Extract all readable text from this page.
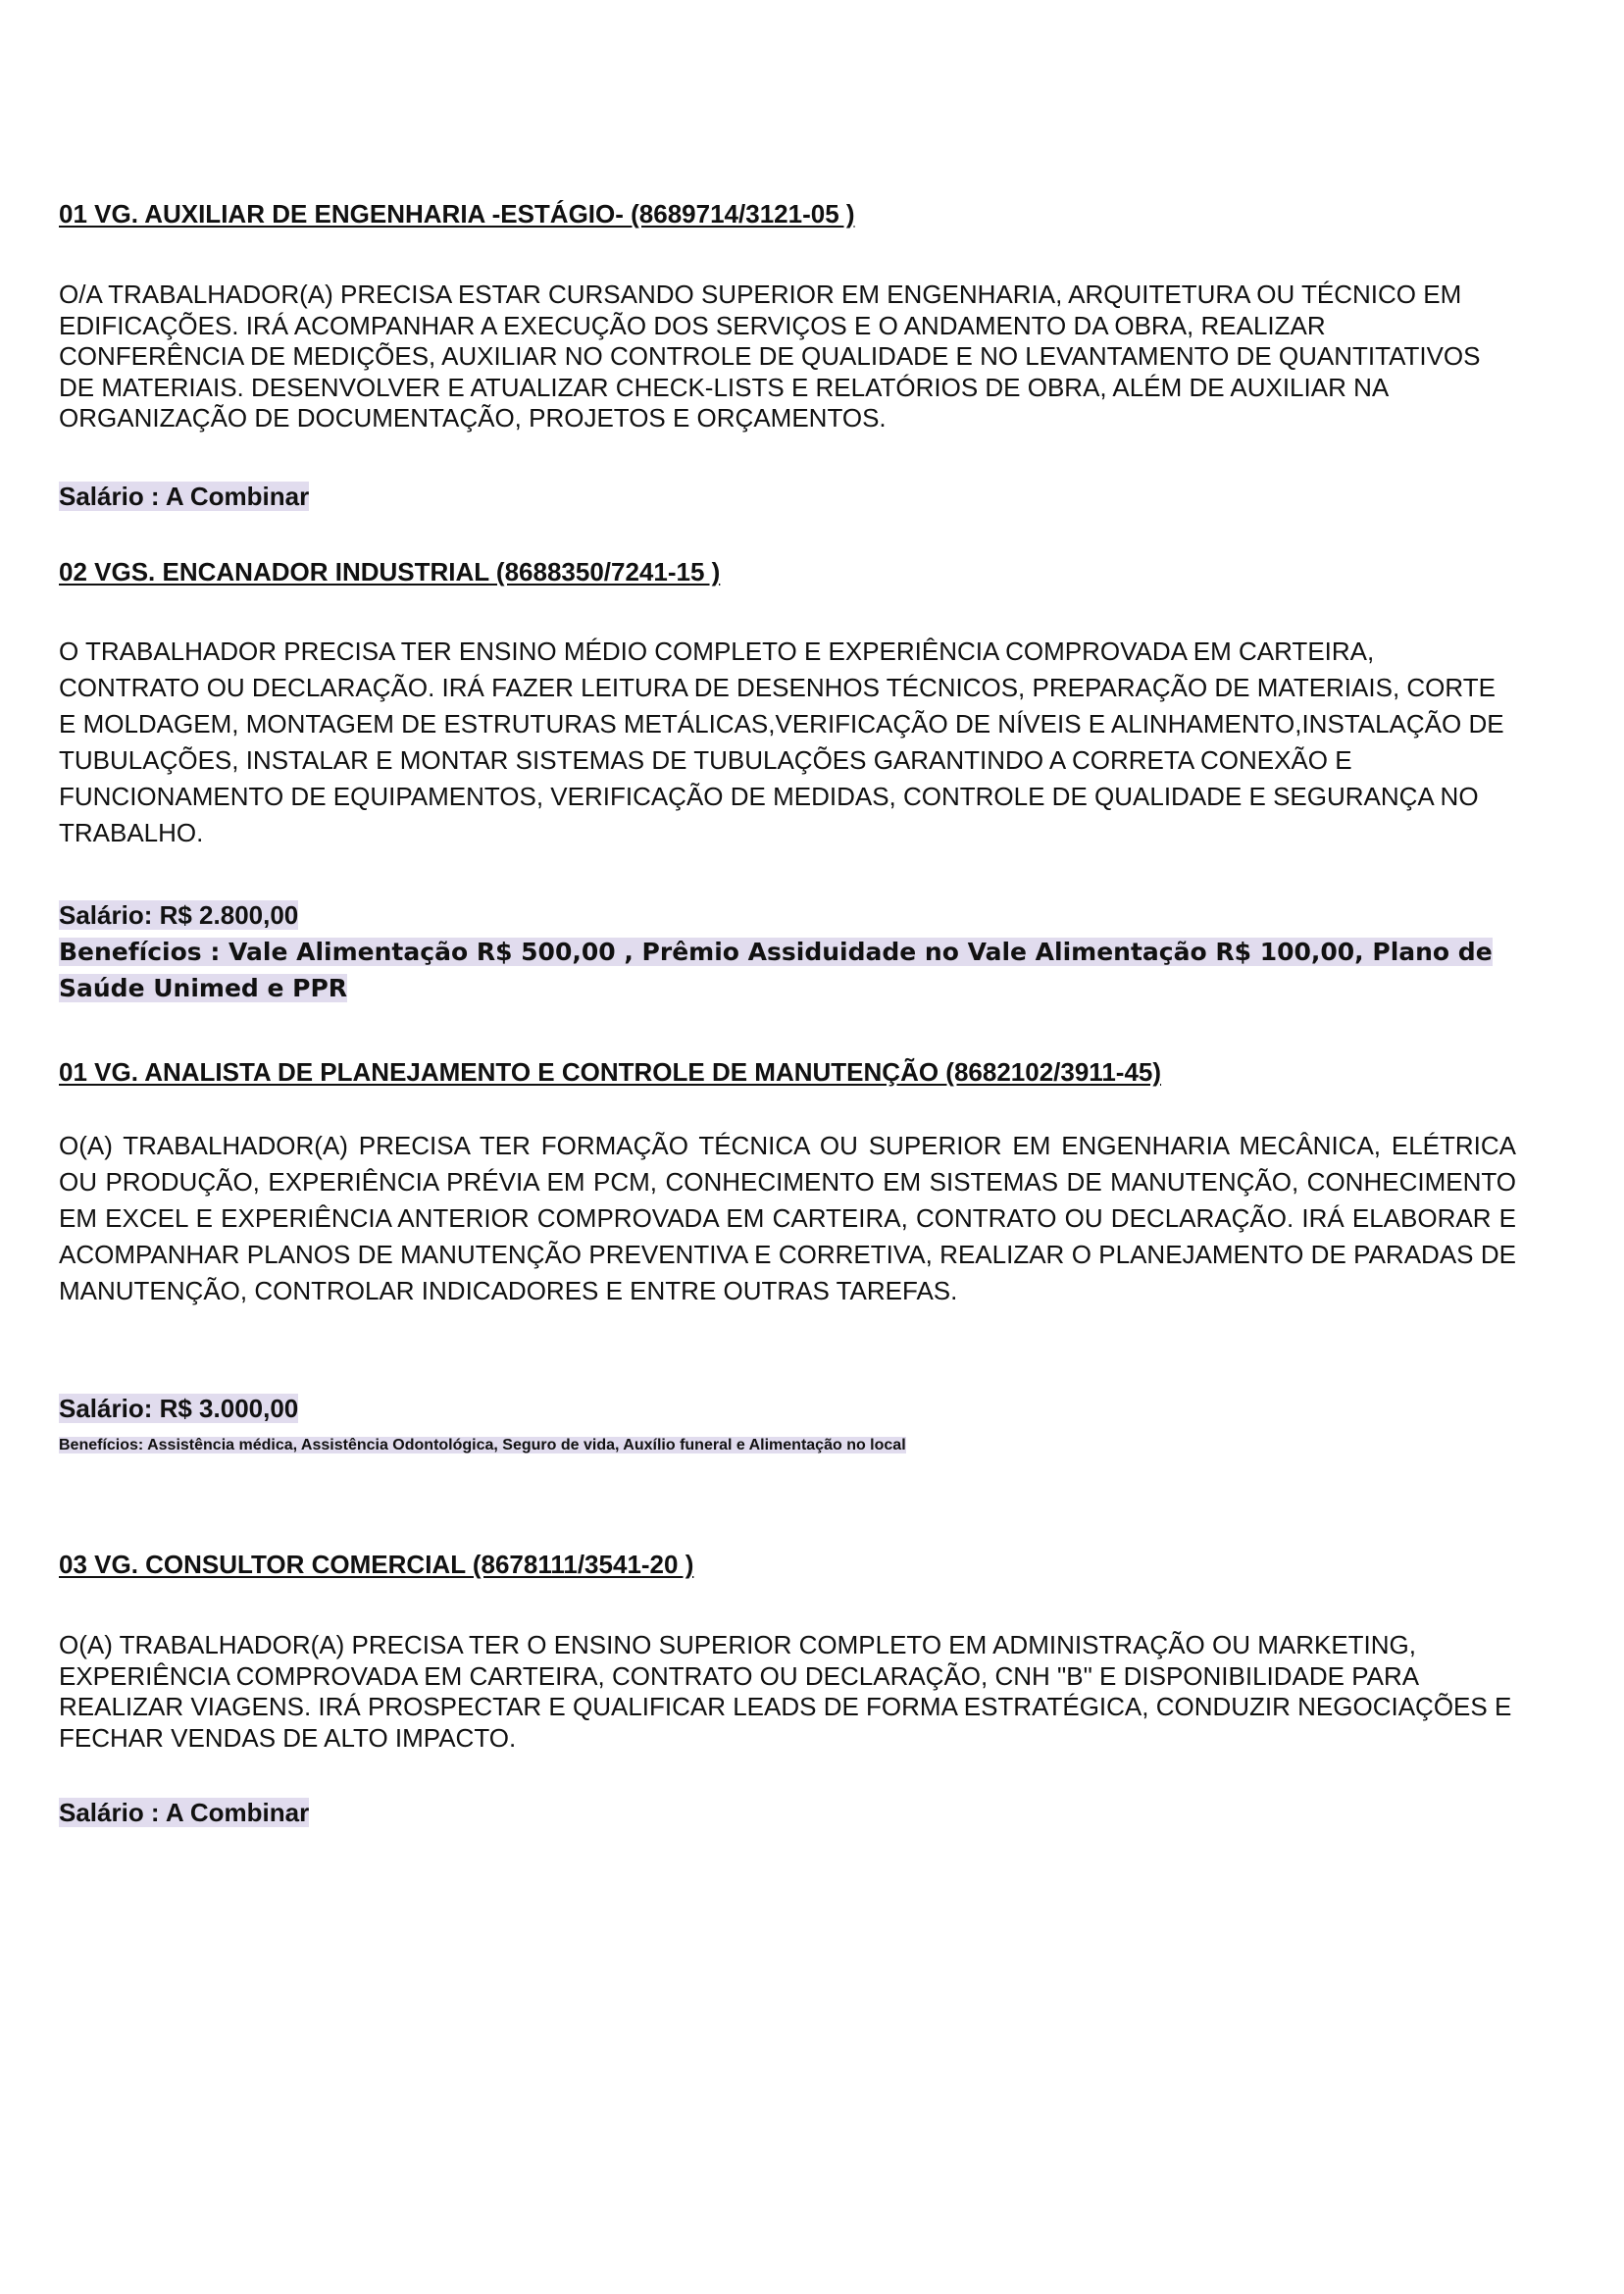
01 VG. AUXILIAR DE ENGENHARIA -ESTÁGIO- (8689714/3121-05 )
O/A TRABALHADOR(A) PRECISA ESTAR CURSANDO SUPERIOR EM ENGENHARIA, ARQUITETURA OU TÉCNICO EM EDIFICAÇÕES. IRÁ ACOMPANHAR A EXECUÇÃO DOS SERVIÇOS E O ANDAMENTO DA OBRA, REALIZAR CONFERÊNCIA DE MEDIÇÕES, AUXILIAR NO CONTROLE DE QUALIDADE E NO LEVANTAMENTO DE QUANTITATIVOS DE MATERIAIS. DESENVOLVER E ATUALIZAR CHECK-LISTS E RELATÓRIOS DE OBRA, ALÉM DE AUXILIAR NA ORGANIZAÇÃO DE DOCUMENTAÇÃO, PROJETOS E ORÇAMENTOS.
Salário : A Combinar
02 VGS. ENCANADOR INDUSTRIAL (8688350/7241-15 )
O TRABALHADOR PRECISA TER ENSINO MÉDIO COMPLETO E EXPERIÊNCIA COMPROVADA EM CARTEIRA, CONTRATO OU DECLARAÇÃO. IRÁ FAZER LEITURA DE DESENHOS TÉCNICOS, PREPARAÇÃO DE MATERIAIS, CORTE E MOLDAGEM, MONTAGEM DE ESTRUTURAS METÁLICAS,VERIFICAÇÃO DE NÍVEIS E ALINHAMENTO,INSTALAÇÃO DE TUBULAÇÕES, INSTALAR E MONTAR SISTEMAS DE TUBULAÇÕES GARANTINDO A CORRETA CONEXÃO E FUNCIONAMENTO DE EQUIPAMENTOS, VERIFICAÇÃO DE MEDIDAS, CONTROLE DE QUALIDADE E SEGURANÇA NO TRABALHO.
Salário: R$ 2.800,00
Benefícios : Vale Alimentação R$ 500,00 , Prêmio Assiduidade no Vale Alimentação R$ 100,00, Plano de Saúde Unimed e PPR
01 VG. ANALISTA DE PLANEJAMENTO E CONTROLE DE MANUTENÇÃO (8682102/3911-45)
O(A) TRABALHADOR(A) PRECISA TER FORMAÇÃO TÉCNICA OU SUPERIOR EM ENGENHARIA MECÂNICA, ELÉTRICA OU PRODUÇÃO, EXPERIÊNCIA PRÉVIA EM PCM, CONHECIMENTO EM SISTEMAS DE MANUTENÇÃO, CONHECIMENTO EM EXCEL E EXPERIÊNCIA ANTERIOR COMPROVADA EM CARTEIRA, CONTRATO OU DECLARAÇÃO. IRÁ ELABORAR E ACOMPANHAR PLANOS DE MANUTENÇÃO PREVENTIVA E CORRETIVA, REALIZAR O PLANEJAMENTO DE PARADAS DE MANUTENÇÃO, CONTROLAR INDICADORES E ENTRE OUTRAS TAREFAS.
Salário: R$ 3.000,00
Benefícios: Assistência médica, Assistência Odontológica, Seguro de vida, Auxílio funeral e Alimentação no local
03 VG. CONSULTOR COMERCIAL (8678111/3541-20 )
O(A) TRABALHADOR(A) PRECISA TER O ENSINO SUPERIOR COMPLETO EM ADMINISTRAÇÃO OU MARKETING, EXPERIÊNCIA COMPROVADA EM CARTEIRA, CONTRATO OU DECLARAÇÃO, CNH "B" E DISPONIBILIDADE PARA REALIZAR VIAGENS. IRÁ PROSPECTAR E QUALIFICAR LEADS DE FORMA ESTRATÉGICA, CONDUZIR NEGOCIAÇÕES E FECHAR VENDAS DE ALTO IMPACTO.
Salário : A Combinar
